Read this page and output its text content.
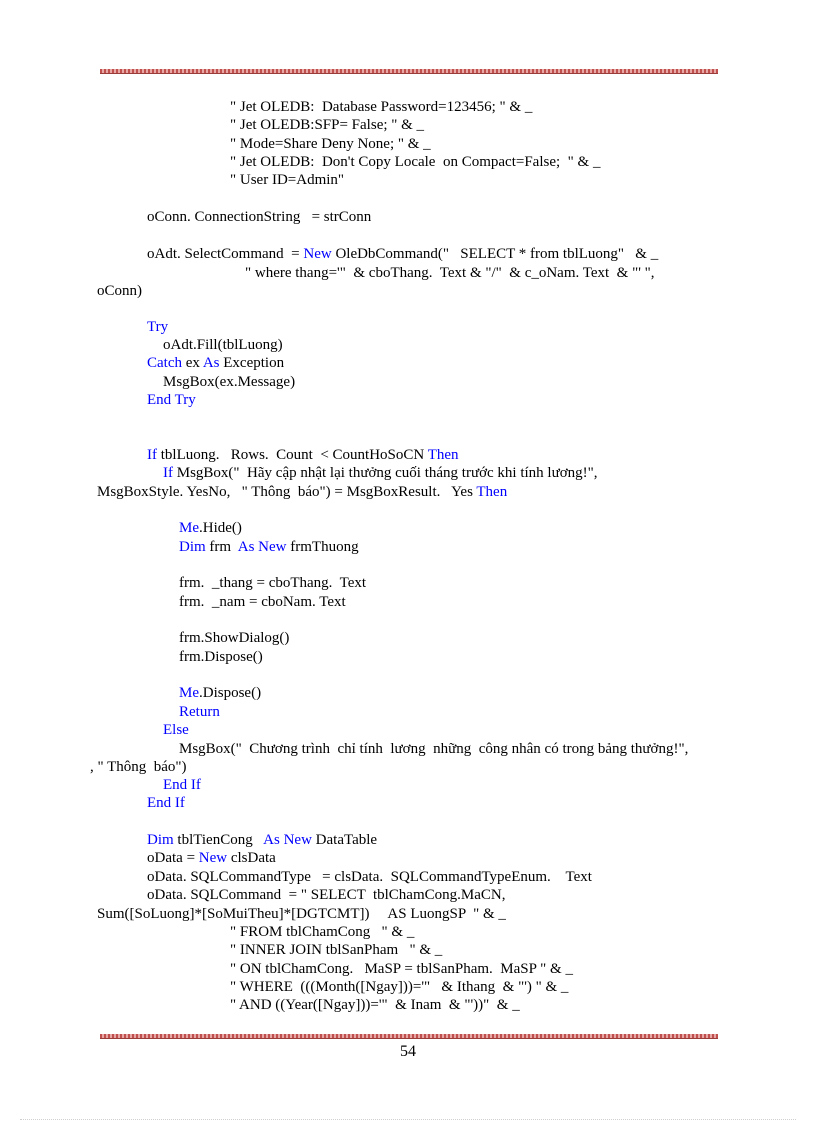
" Jet OLEDB:  Database Password=123456; " & _
" Jet OLEDB:SFP= False; " & _
" Mode=Share Deny None; " & _
" Jet OLEDB:  Don't Copy Locale  on Compact=False;  " & _
" User ID=Admin"
oConn. ConnectionString   = strConn
oAdt. SelectCommand  = New OleDbCommand("   SELECT * from tblLuong"   & _
" where thang='"  & cboThang.  Text & "/"  & c_oNam. Text  & "' ",
oConn)
Try
oAdt.Fill(tblLuong)
Catch ex As Exception
MsgBox(ex.Message)
End Try
If tblLuong.   Rows.  Count  < CountHoSoCN Then
If MsgBox("  Hãy cập nhật lại thưởng cuối tháng trước khi tính lương!",
MsgBoxStyle. YesNo,   " Thông  báo") = MsgBoxResult.   Yes Then
Me.Hide()
Dim frm  As New frmThuong
frm.  _thang = cboThang.  Text
frm.  _nam = cboNam. Text
frm.ShowDialog()
frm.Dispose()
Me.Dispose()
Return
Else
MsgBox("  Chương trình  chỉ tính  lương  những  công nhân có trong bảng thưởng!",
, " Thông  báo")
End If
End If
Dim tblTienCong   As New DataTable
oData = New clsData
oData. SQLCommandType   = clsData.  SQLCommandTypeEnum.    Text
oData. SQLCommand  = " SELECT  tblChamCong.MaCN,
Sum([SoLuong]*[SoMuiTheu]*[DGTCMT])     AS LuongSP  " & _
" FROM tblChamCong   " & _
" INNER JOIN tblSanPham   " & _
" ON tblChamCong.   MaSP = tblSanPham.  MaSP " & _
" WHERE  (((Month([Ngay]))='"   & Ithang  & "') " & _
" AND ((Year([Ngay]))='"  & Inam  & "'))"  & _
54
